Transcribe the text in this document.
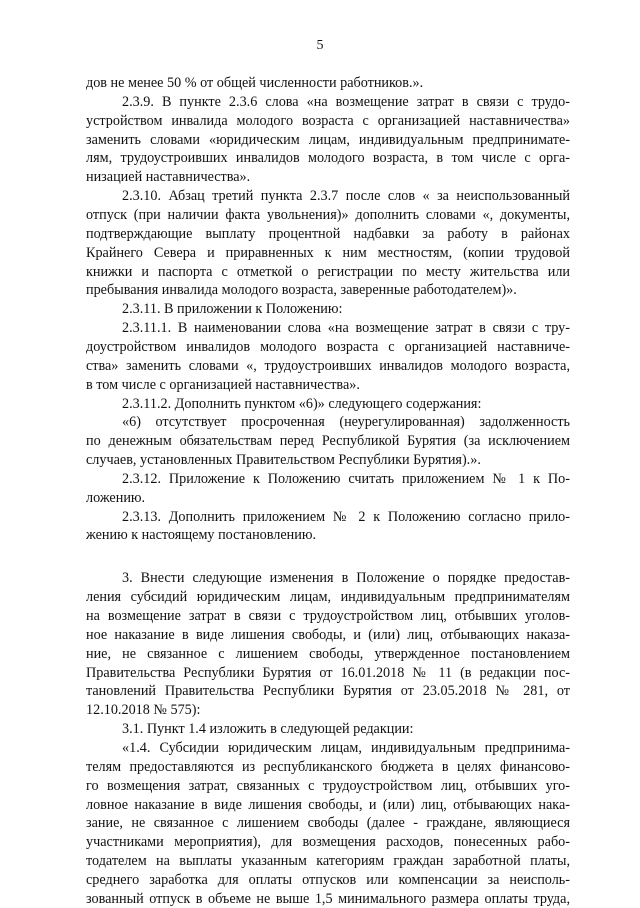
5
дов не менее 50 % от общей численности работников.».
2.3.9. В пункте 2.3.6 слова «на возмещение затрат в связи с трудо-
устройством инвалида молодого возраста с организацией наставничества»
заменить словами «юридическим лицам, индивидуальным предпринимате-
лям, трудоустроивших инвалидов молодого возраста, в том числе с орга-
низацией наставничества».
2.3.10. Абзац третий пункта 2.3.7 после слов « за неиспользованный
отпуск (при наличии факта увольнения)» дополнить словами «, документы,
подтверждающие выплату процентной надбавки за работу в районах
Крайнего Севера и приравненных к ним местностям, (копии трудовой
книжки и паспорта с отметкой о регистрации по месту жительства или
пребывания инвалида молодого возраста, заверенные работодателем)».
2.3.11. В приложении к Положению:
2.3.11.1. В наименовании слова «на возмещение затрат в связи с тру-
доустройством инвалидов молодого возраста с организацией наставниче-
ства» заменить словами «, трудоустроивших инвалидов молодого возраста,
в том числе с организацией наставничества».
2.3.11.2. Дополнить пунктом «6)» следующего содержания:
«6) отсутствует просроченная (неурегулированная) задолженность
по денежным обязательствам перед Республикой Бурятия (за исключением
случаев, установленных Правительством Республики Бурятия).».
2.3.12. Приложение к Положению считать приложением № 1 к По-
ложению.
2.3.13. Дополнить приложением № 2 к Положению согласно прило-
жению к настоящему постановлению.
3. Внести следующие изменения в Положение о порядке предостав-
ления субсидий юридическим лицам, индивидуальным предпринимателям
на возмещение затрат в связи с трудоустройством лиц, отбывших уголов-
ное наказание в виде лишения свободы, и (или) лиц, отбывающих наказа-
ние, не связанное с лишением свободы, утвержденное постановлением
Правительства Республики Бурятия от 16.01.2018 № 11 (в редакции пос-
тановлений Правительства Республики Бурятия от 23.05.2018 № 281, от
12.10.2018 № 575):
3.1. Пункт 1.4 изложить в следующей редакции:
«1.4. Субсидии юридическим лицам, индивидуальным предпринима-
телям предоставляются из республиканского бюджета в целях финансово-
го возмещения затрат, связанных с трудоустройством лиц, отбывших уго-
ловное наказание в виде лишения свободы, и (или) лиц, отбывающих нака-
зание, не связанное с лишением свободы (далее - граждане, являющиеся
участниками мероприятия), для возмещения расходов, понесенных рабо-
тодателем на выплаты указанным категориям граждан заработной платы,
среднего заработка для оплаты отпусков или компенсации за неисполь-
зованный отпуск в объеме не выше 1,5 минимального размера оплаты труда,
